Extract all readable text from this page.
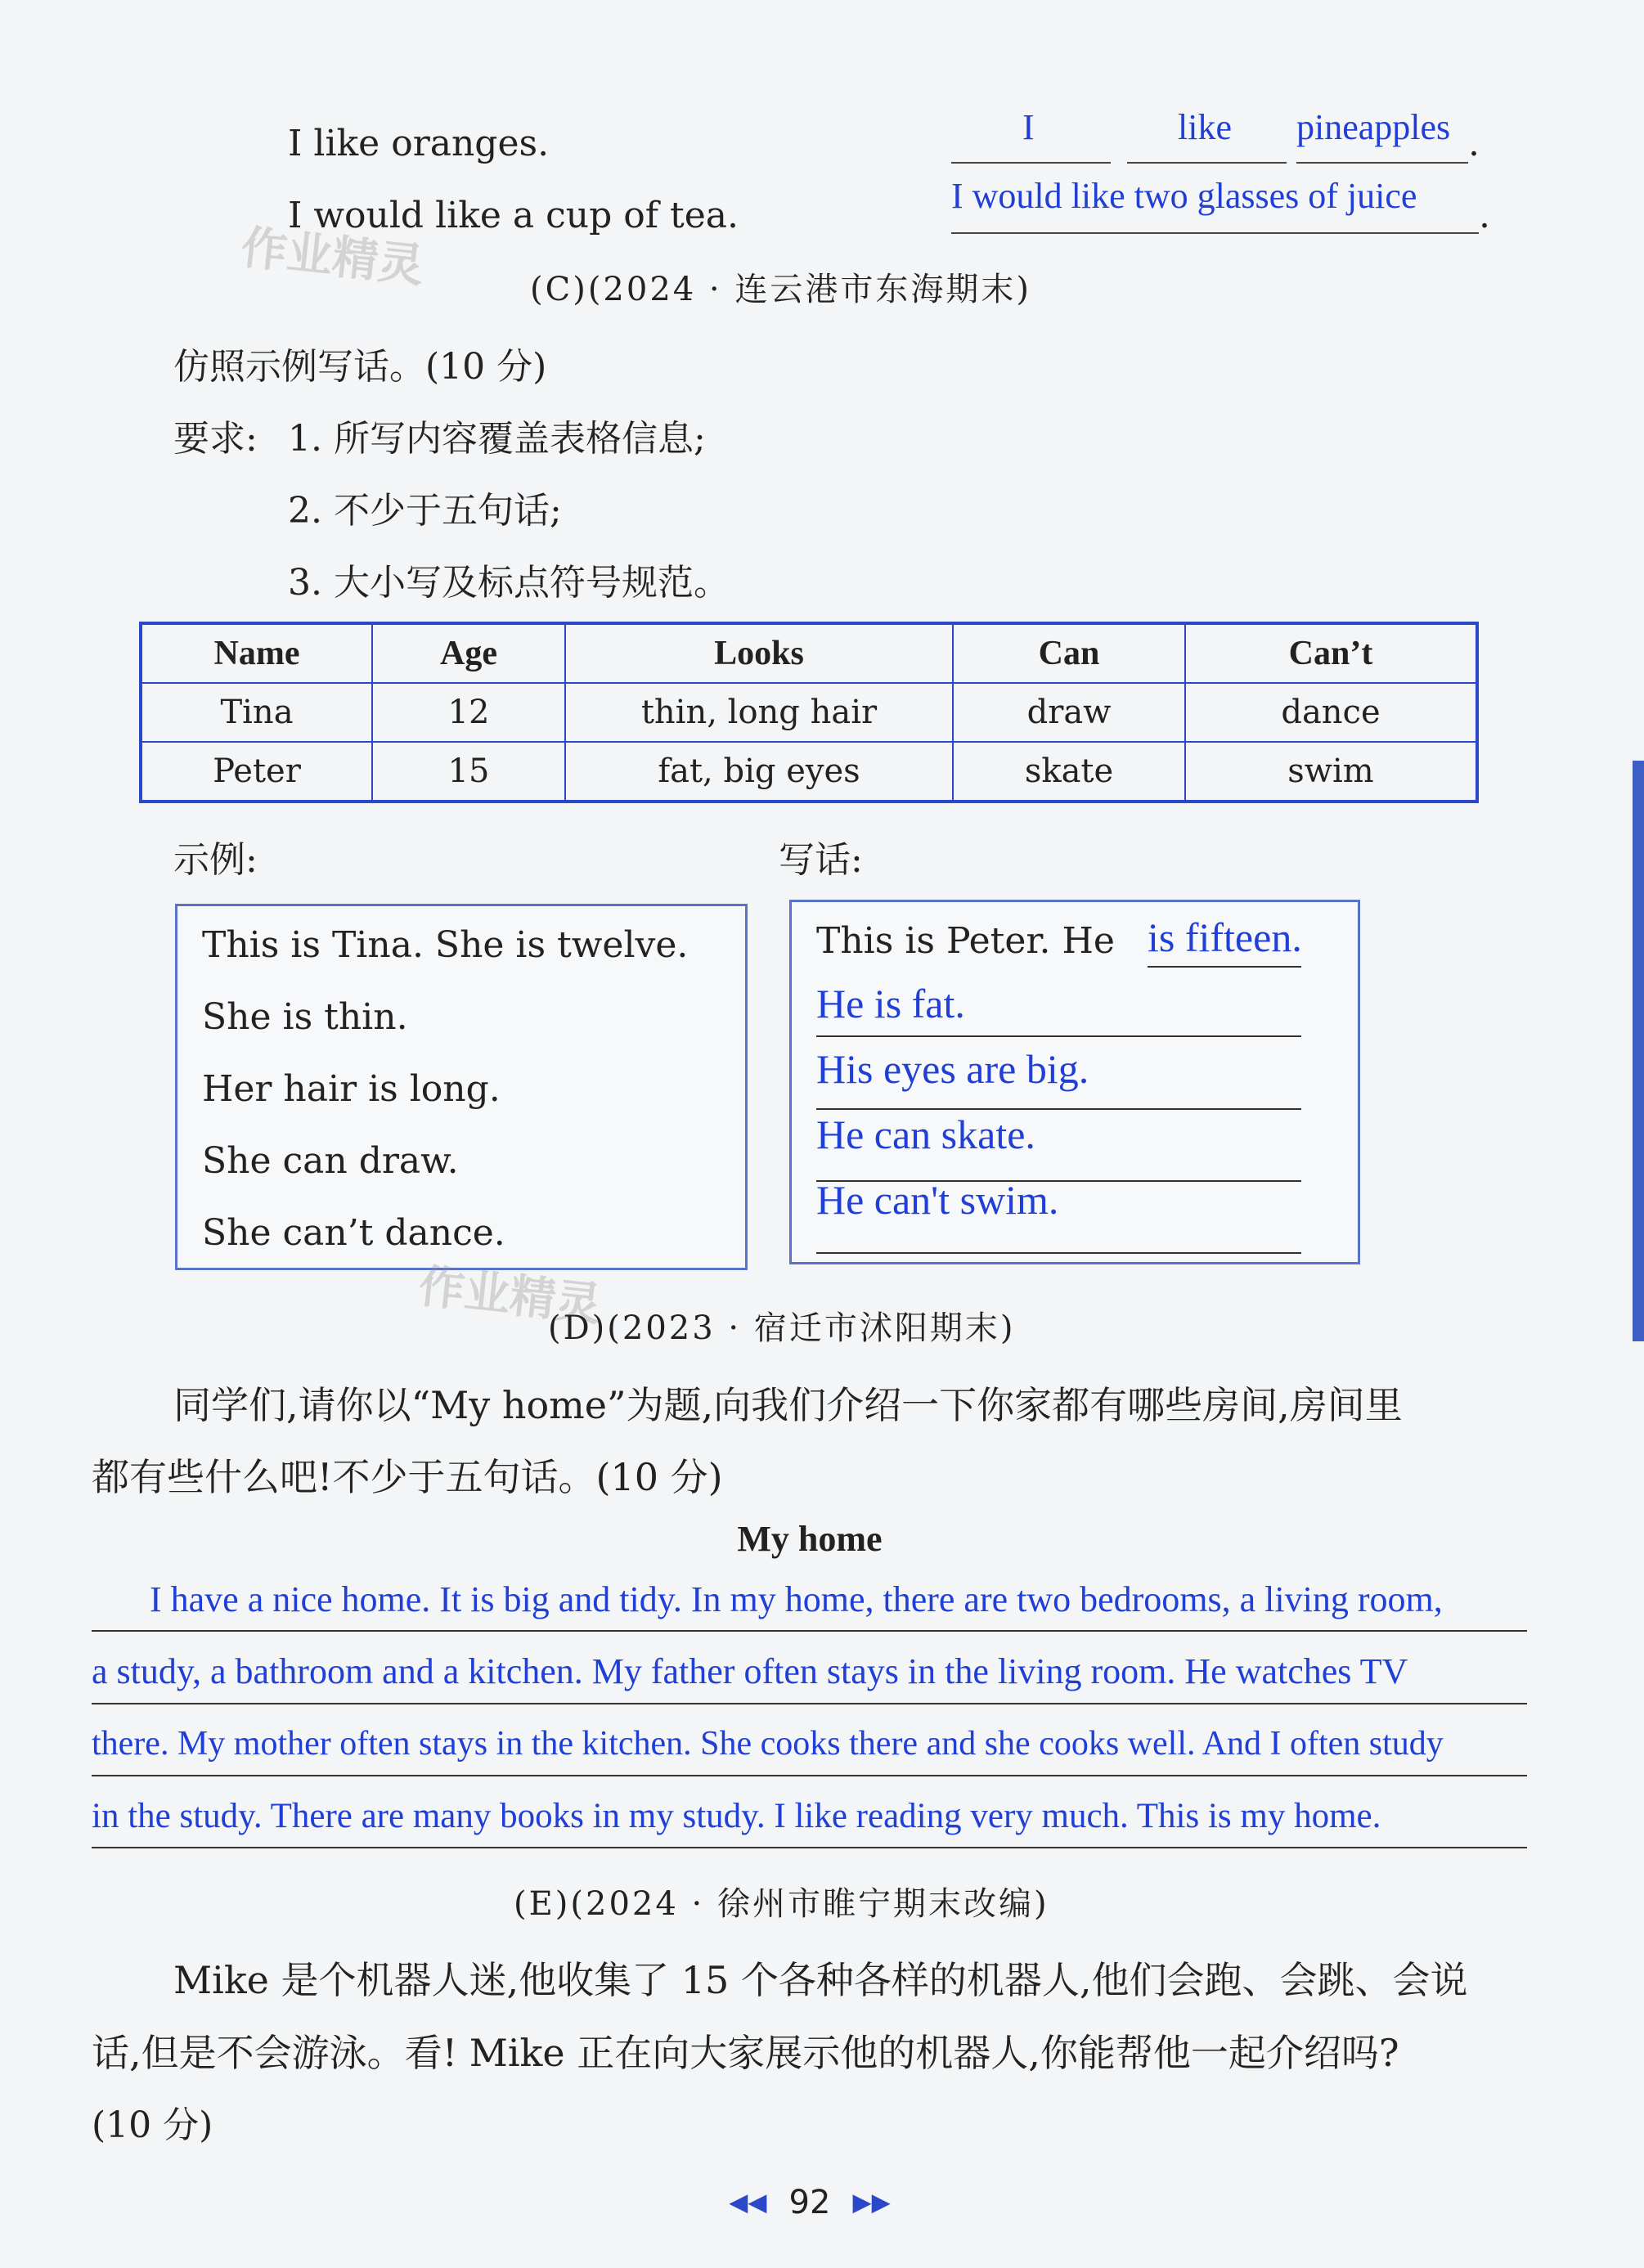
I like oranges.	I	like pineapples .
I would like a cup of tea.	I would like two glasses of juice .
作业精灵	(C)(2024 · 连云港市东海期末)
仿照示例写话。(10 分)
要求: 1. 所写内容覆盖表格信息;
2. 不少于五句话;
3. 大小写及标点符号规范。
Name	Age	Looks	Can	Can’t
Tina	12	thin, long hair	draw	dance
Peter	15	fat, big eyes	skate	swim
示例:	写话:
This is Tina. She is twelve.
She is thin.
Her hair is long.
She can draw.
She can’t dance.
This is Peter. He is fifteen.
He is fat.
His eyes are big.
He can skate.
He can't swim.
作业精灵
(D)(2023 · 宿迁市沭阳期末)
同学们,请你以“My home”为题,向我们介绍一下你家都有哪些房间,房间里
都有些什么吧!不少于五句话。(10 分)
My home
I have a nice home. It is big and tidy. In my home, there are two bedrooms, a living room,
a study, a bathroom and a kitchen. My father often stays in the living room. He watches TV
there. My mother often stays in the kitchen. She cooks there and she cooks well. And I often study
in the study. There are many books in my study. I like reading very much. This is my home.
(E)(2024 · 徐州市睢宁期末改编)
Mike 是个机器人迷,他收集了 15 个各种各样的机器人,他们会跑、会跳、会说
话,但是不会游泳。看! Mike 正在向大家展示他的机器人,你能帮他一起介绍吗?
(10 分)
◀◀ 92 ▶▶
